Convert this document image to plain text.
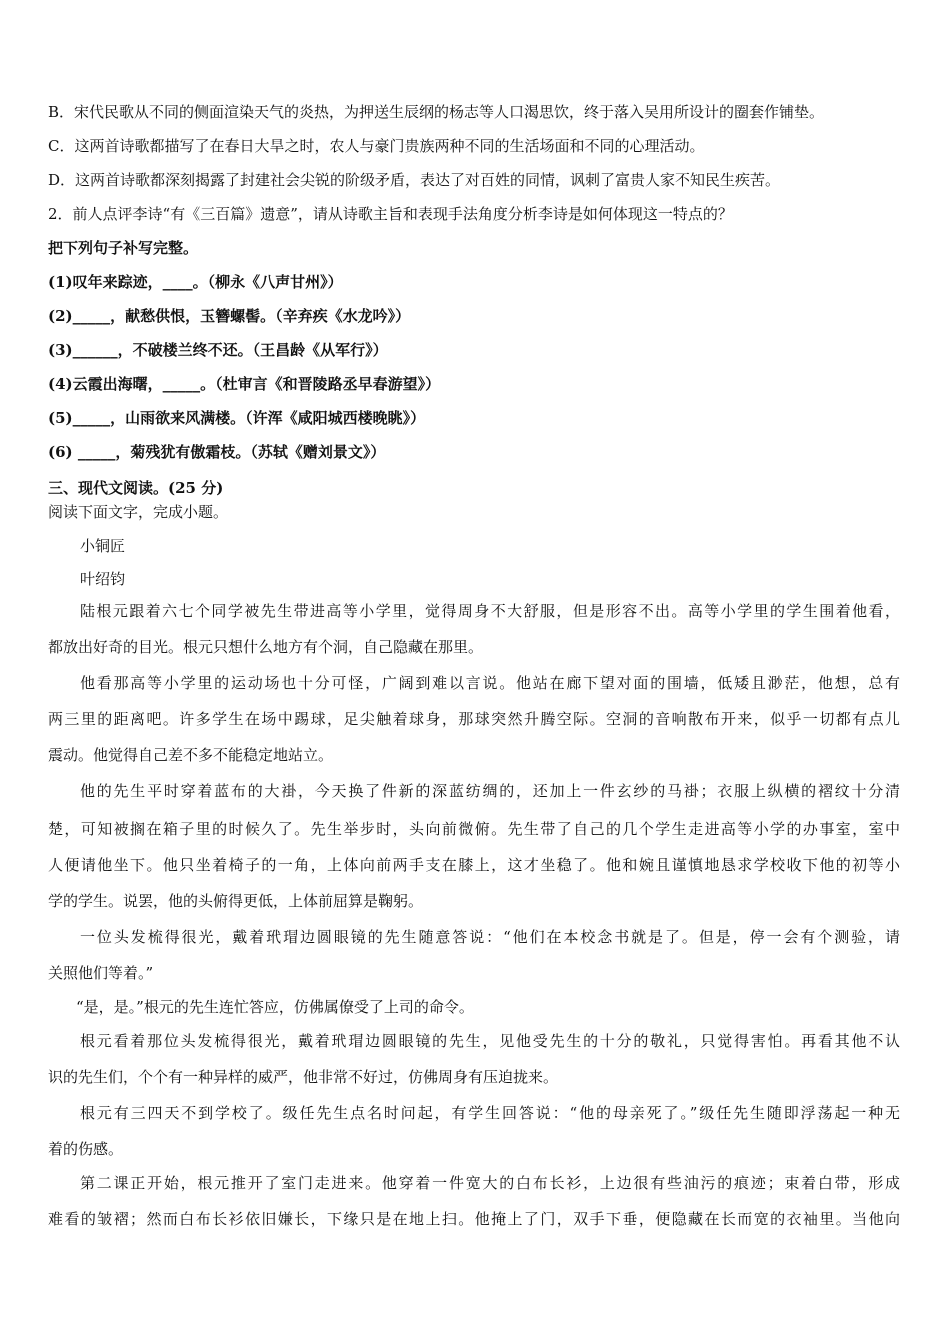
B．宋代民歌从不同的侧面渲染天气的炎热，为押送生辰纲的杨志等人口渴思饮，终于落入吴用所设计的圈套作铺垫。
C．这两首诗歌都描写了在春日大旱之时，农人与豪门贵族两种不同的生活场面和不同的心理活动。
D．这两首诗歌都深刻揭露了封建社会尖锐的阶级矛盾，表达了对百姓的同情，讽刺了富贵人家不知民生疾苦。
2．前人点评李诗“有《三百篇》遗意”，请从诗歌主旨和表现手法角度分析李诗是如何体现这一特点的？
把下列句子补写完整。
(1)叹年来踪迹，____。（柳永《八声甘州》）
(2)_____，献愁供恨，玉簪螺髻。（辛弃疾《水龙吟》）
(3)______，不破楼兰终不还。（王昌龄《从军行》）
(4)云霞出海曙，_____。（杜审言《和晋陵路丞早春游望》）
(5)_____，山雨欲来风满楼。（许浑《咸阳城西楼晚眺》）
(6) _____，菊残犹有傲霜枝。（苏轼《赠刘景文》）
三、现代文阅读。(25 分)
阅读下面文字，完成小题。
小铜匠
叶绍钧
陆根元跟着六七个同学被先生带进高等小学里，觉得周身不大舒服，但是形容不出。高等小学里的学生围着他看，
都放出好奇的目光。根元只想什么地方有个洞，自己隐藏在那里。
他看那高等小学里的运动场也十分可怪，广阔到难以言说。他站在廊下望对面的围墙，低矮且渺茫，他想，总有
两三里的距离吧。许多学生在场中踢球，足尖触着球身，那球突然升腾空际。空洞的音响散布开来，似乎一切都有点儿
震动。他觉得自己差不多不能稳定地站立。
他的先生平时穿着蓝布的大褂，今天换了件新的深蓝纺绸的，还加上一件玄纱的马褂；衣服上纵横的褶纹十分清
楚，可知被搁在箱子里的时候久了。先生举步时，头向前微俯。先生带了自己的几个学生走进高等小学的办事室，室中
人便请他坐下。他只坐着椅子的一角，上体向前两手支在膝上，这才坐稳了。他和婉且谨慎地恳求学校收下他的初等小
学的学生。说罢，他的头俯得更低，上体前屈算是鞠躬。
一位头发梳得很光，戴着玳瑁边圆眼镜的先生随意答说：“他们在本校念书就是了。但是，停一会有个测验，请
关照他们等着。”
“是，是。”根元的先生连忙答应，仿佛属僚受了上司的命令。
根元看着那位头发梳得很光，戴着玳瑁边圆眼镜的先生，见他受先生的十分的敬礼，只觉得害怕。再看其他不认
识的先生们，个个有一种异样的威严，他非常不好过，仿佛周身有压迫拢来。
根元有三四天不到学校了。级任先生点名时问起，有学生回答说：“他的母亲死了。”级任先生随即浮荡起一种无
着的伤感。
第二课正开始，根元推开了室门走进来。他穿着一件宽大的白布长衫，上边很有些油污的痕迹；束着白带，形成
难看的皱褶；然而白布长衫依旧嫌长，下缘只是在地上扫。他掩上了门，双手下垂，便隐藏在长而宽的衣袖里。当他向
